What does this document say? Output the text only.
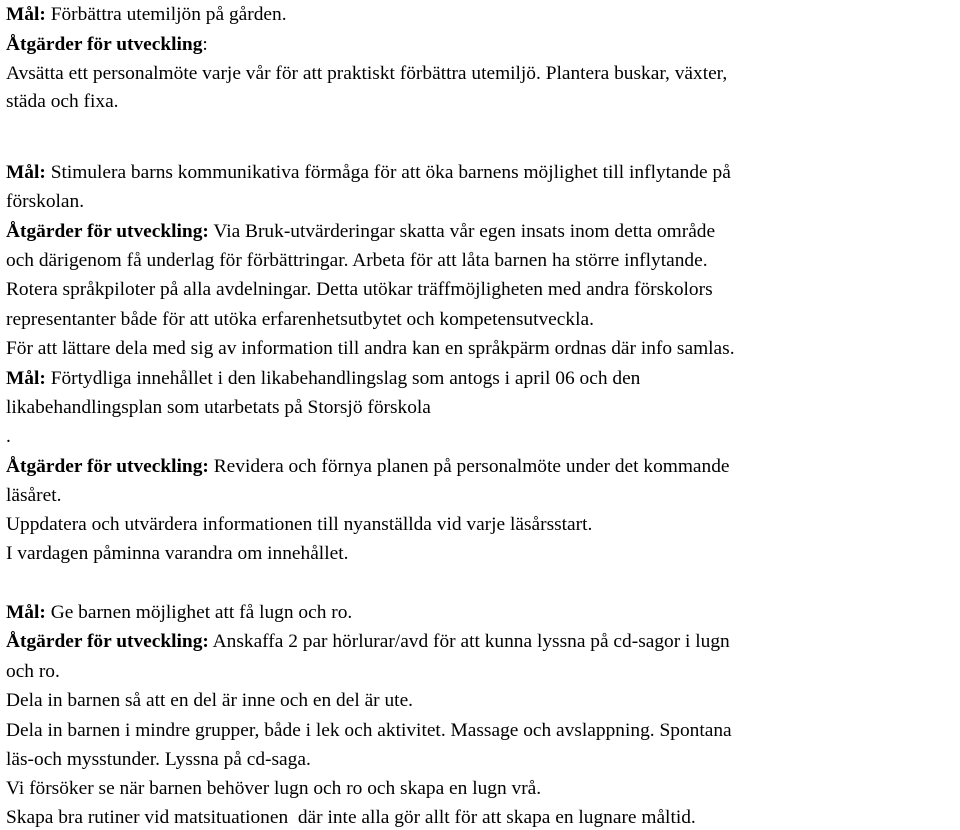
Mål: Förbättra utemiljön på gården.
Åtgärder för utveckling:
Avsätta ett personalmöte varje vår för att praktiskt förbättra utemiljö. Plantera buskar, växter,
städa och fixa.
Mål: Stimulera barns kommunikativa förmåga för att öka barnens möjlighet till inflytande på
förskolan.
Åtgärder för utveckling: Via Bruk-utvärderingar skatta vår egen insats inom detta område
och därigenom få underlag för förbättringar. Arbeta för att låta barnen ha större inflytande.
Rotera språkpiloter på alla avdelningar. Detta utökar träffmöjligheten med andra förskolors
representanter både för att utöka erfarenhetsutbytet och kompetensutveckla.
För att lättare dela med sig av information till andra kan en språkpärm ordnas där info samlas.
Mål: Förtydliga innehållet i den likabehandlingslag som antogs i april 06 och den
likabehandlingsplan som utarbetats på Storsjö förskola
.
Åtgärder för utveckling: Revidera och förnya planen på personalmöte under det kommande
läsåret.
Uppdatera och utvärdera informationen till nyanställda vid varje läsårsstart.
I vardagen påminna varandra om innehållet.
Mål: Ge barnen möjlighet att få lugn och ro.
Åtgärder för utveckling: Anskaffa 2 par hörlurar/avd för att kunna lyssna på cd-sagor i lugn
och ro.
Dela in barnen så att en del är inne och en del är ute.
Dela in barnen i mindre grupper, både i lek och aktivitet. Massage och avslappning. Spontana
läs-och mysstunder. Lyssna på cd-saga.
Vi försöker se när barnen behöver lugn och ro och skapa en lugn vrå.
Skapa bra rutiner vid matsituationen  där inte alla gör allt för att skapa en lugnare måltid.
